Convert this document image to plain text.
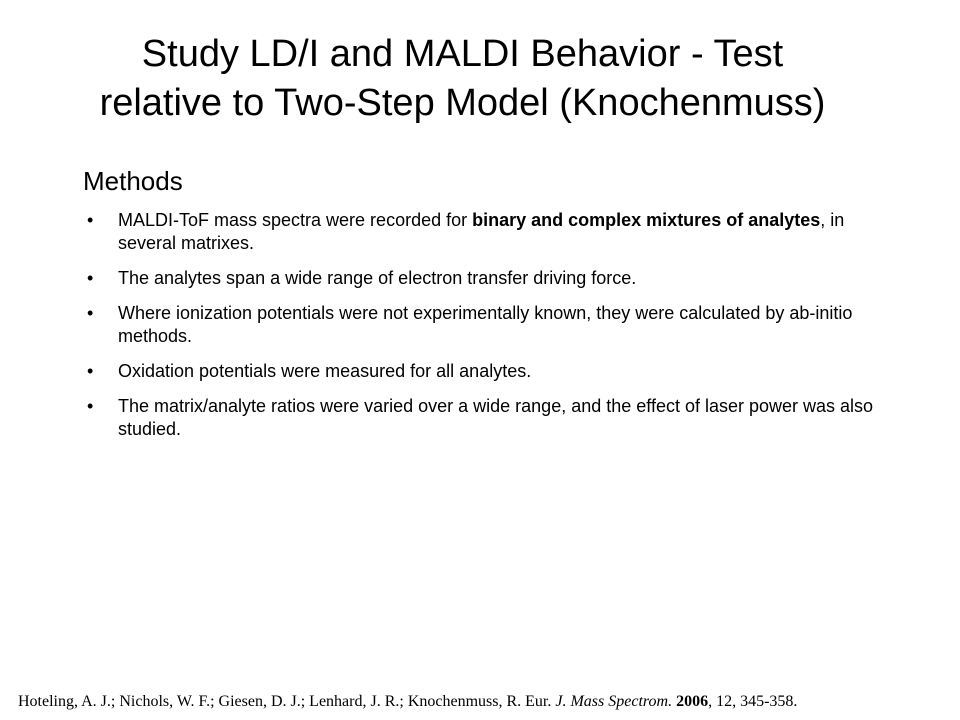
Study LD/I and MALDI Behavior - Test
relative to Two-Step Model (Knochenmuss)
Methods
• MALDI-ToF mass spectra were recorded for binary and complex mixtures of analytes, in several matrixes.
• The analytes span a wide range of electron transfer driving force.
• Where ionization potentials were not experimentally known, they were calculated by ab-initio methods.
• Oxidation potentials were measured for all analytes.
• The matrix/analyte ratios were varied over a wide range, and the effect of laser power was also studied.
Hoteling, A. J.; Nichols, W. F.; Giesen, D. J.; Lenhard, J. R.; Knochenmuss, R. Eur. J. Mass Spectrom. 2006, 12, 345-358.
